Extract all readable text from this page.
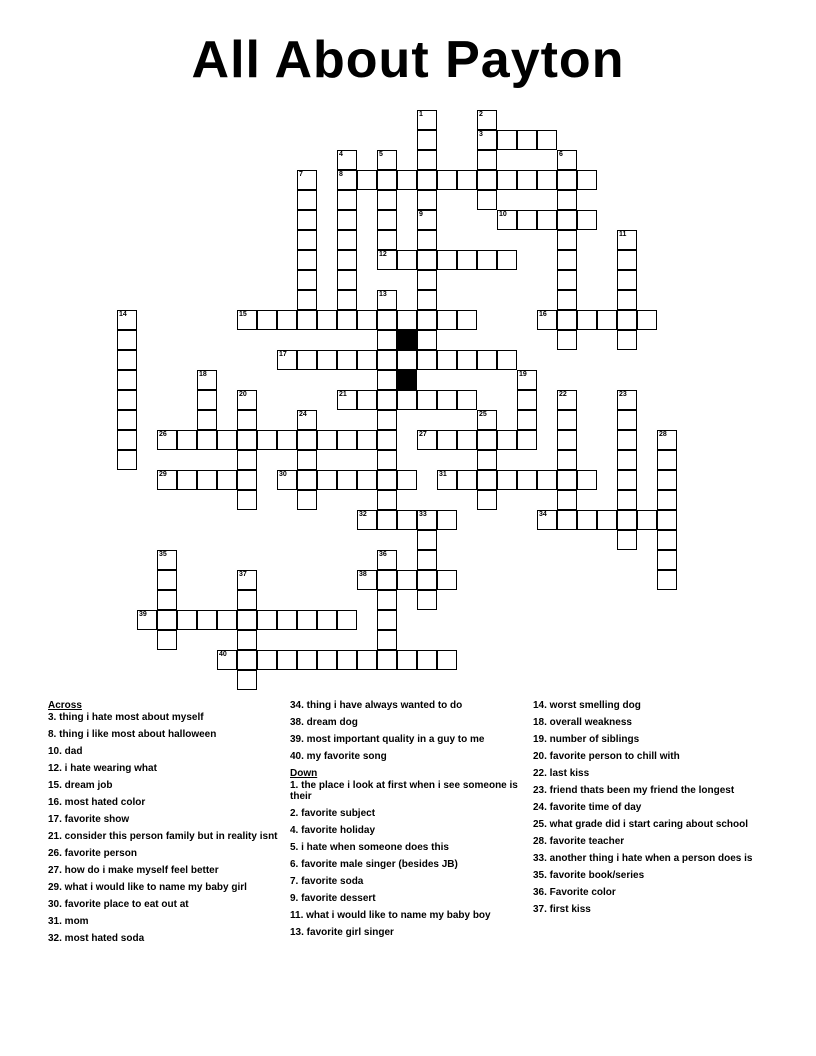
All About Payton
1	2
3
4	5	6
7	8
9	10
11
12
13
14	15	16
17
18	19
20	21	22	23
24	25
26	27	28
29	30	31
32	33	34
35	36
37	38
39
40
Across
3. thing i hate most about myself
8. thing i like most about halloween
10. dad
12. i hate wearing what
15. dream job
16. most hated color
17. favorite show
21. consider this person family but in reality isnt
26. favorite person
27. how do i make myself feel better
29. what i would like to name my baby girl
30. favorite place to eat out at
31. mom
32. most hated soda
34. thing i have always wanted to do
38. dream dog
39. most important quality in a guy to me
40. my favorite song
Down
1. the place i look at first when i see someone is their
2. favorite subject
4. favorite holiday
5. i hate when someone does this
6. favorite male singer (besides JB)
7. favorite soda
9. favorite dessert
11. what i would like to name my baby boy
13. favorite girl singer
14. worst smelling dog
18. overall weakness
19. number of siblings
20. favorite person to chill with
22. last kiss
23. friend thats been my friend the longest
24. favorite time of day
25. what grade did i start caring about school
28. favorite teacher
33. another thing i hate when a person does is
35. favorite book/series
36. Favorite color
37. first kiss
